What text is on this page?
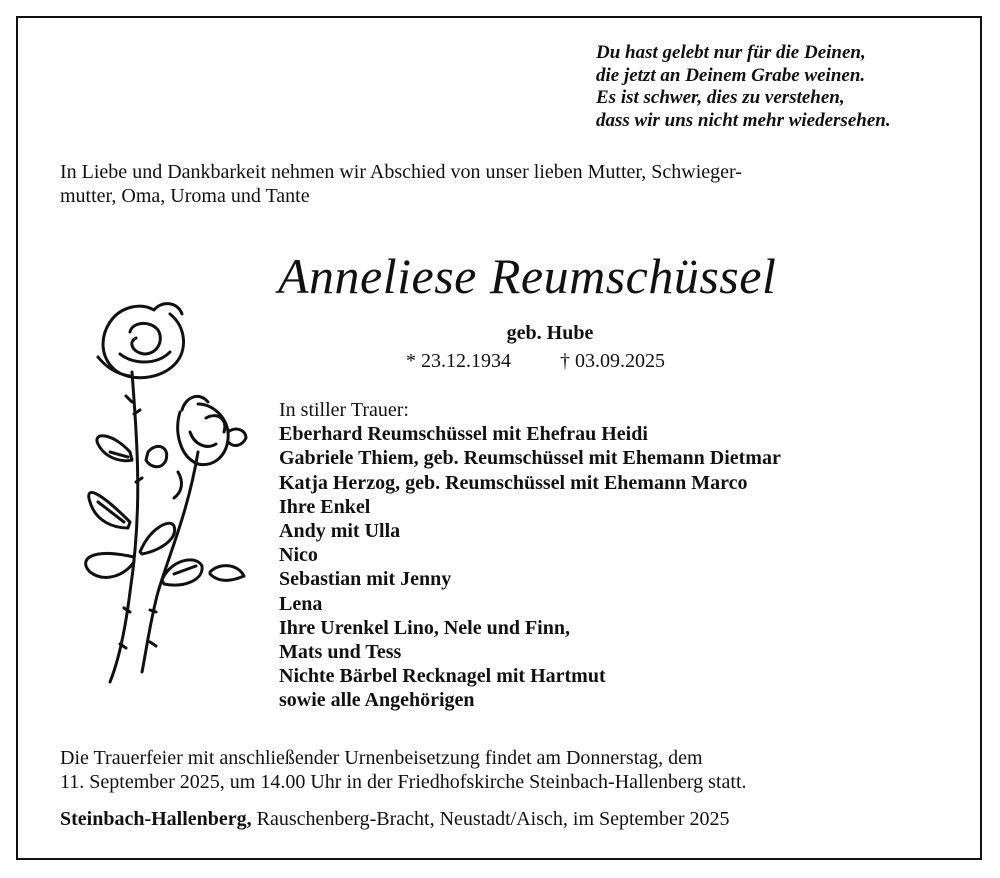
Du hast gelebt nur für die Deinen,
die jetzt an Deinem Grabe weinen.
Es ist schwer, dies zu verstehen,
dass wir uns nicht mehr wiedersehen.
In Liebe und Dankbarkeit nehmen wir Abschied von unser lieben Mutter, Schwieger-
mutter, Oma, Uroma und Tante
Anneliese Reumschüssel
geb. Hube
* 23.12.1934 † 03.09.2025
In stiller Trauer:
Eberhard Reumschüssel mit Ehefrau Heidi
Gabriele Thiem, geb. Reumschüssel mit Ehemann Dietmar
Katja Herzog, geb. Reumschüssel mit Ehemann Marco
Ihre Enkel
Andy mit Ulla
Nico
Sebastian mit Jenny
Lena
Ihre Urenkel Lino, Nele und Finn,
Mats und Tess
Nichte Bärbel Recknagel mit Hartmut
sowie alle Angehörigen
Die Trauerfeier mit anschließender Urnenbeisetzung findet am Donnerstag, dem
11. September 2025, um 14.00 Uhr in der Friedhofskirche Steinbach-Hallenberg statt.
Steinbach-Hallenberg, Rauschenberg-Bracht, Neustadt/Aisch, im September 2025
